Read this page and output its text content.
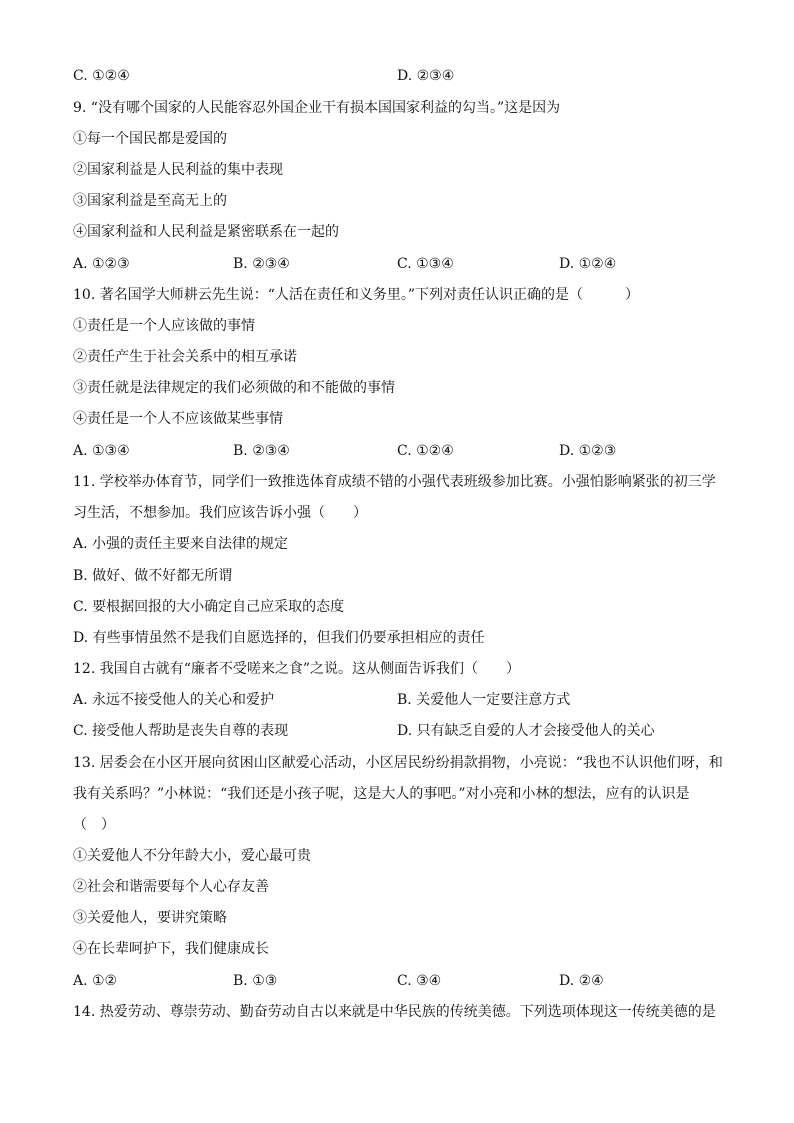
C. ①②④	D. ②③④
9. “没有哪个国家的人民能容忍外国企业干有损本国国家利益的勾当。”这是因为
①每一个国民都是爱国的
②国家利益是人民利益的集中表现
③国家利益是至高无上的
④国家利益和人民利益是紧密联系在一起的
A. ①②③	B. ②③④	C. ①③④	D. ①②④
10. 著名国学大师耕云先生说：“人活在责任和义务里。”下列对责任认识正确的是（　　　）
①责任是一个人应该做的事情
②责任产生于社会关系中的相互承诺
③责任就是法律规定的我们必须做的和不能做的事情
④责任是一个人不应该做某些事情
A. ①③④	B. ②③④	C. ①②④	D. ①②③
11. 学校举办体育节，同学们一致推选体育成绩不错的小强代表班级参加比赛。小强怕影响紧张的初三学习生活，不想参加。我们应该告诉小强（　　）
A. 小强的责任主要来自法律的规定
B. 做好、做不好都无所谓
C. 要根据回报的大小确定自己应采取的态度
D. 有些事情虽然不是我们自愿选择的，但我们仍要承担相应的责任
12. 我国自古就有“廉者不受嗟来之食”之说。这从侧面告诉我们（　　）
A. 永远不接受他人的关心和爱护	B. 关爱他人一定要注意方式
C. 接受他人帮助是丧失自尊的表现	D. 只有缺乏自爱的人才会接受他人的关心
13. 居委会在小区开展向贫困山区献爱心活动，小区居民纷纷捐款捐物，小亮说：“我也不认识他们呀，和我有关系吗？”小林说：“我们还是小孩子呢，这是大人的事吧。”对小亮和小林的想法，应有的认识是（　）
①关爱他人不分年龄大小，爱心最可贵
②社会和谐需要每个人心存友善
③关爱他人，要讲究策略
④在长辈呵护下，我们健康成长
A. ①②	B. ①③	C. ③④	D. ②④
14. 热爱劳动、尊崇劳动、勤奋劳动自古以来就是中华民族的传统美德。下列选项体现这一传统美德的是
